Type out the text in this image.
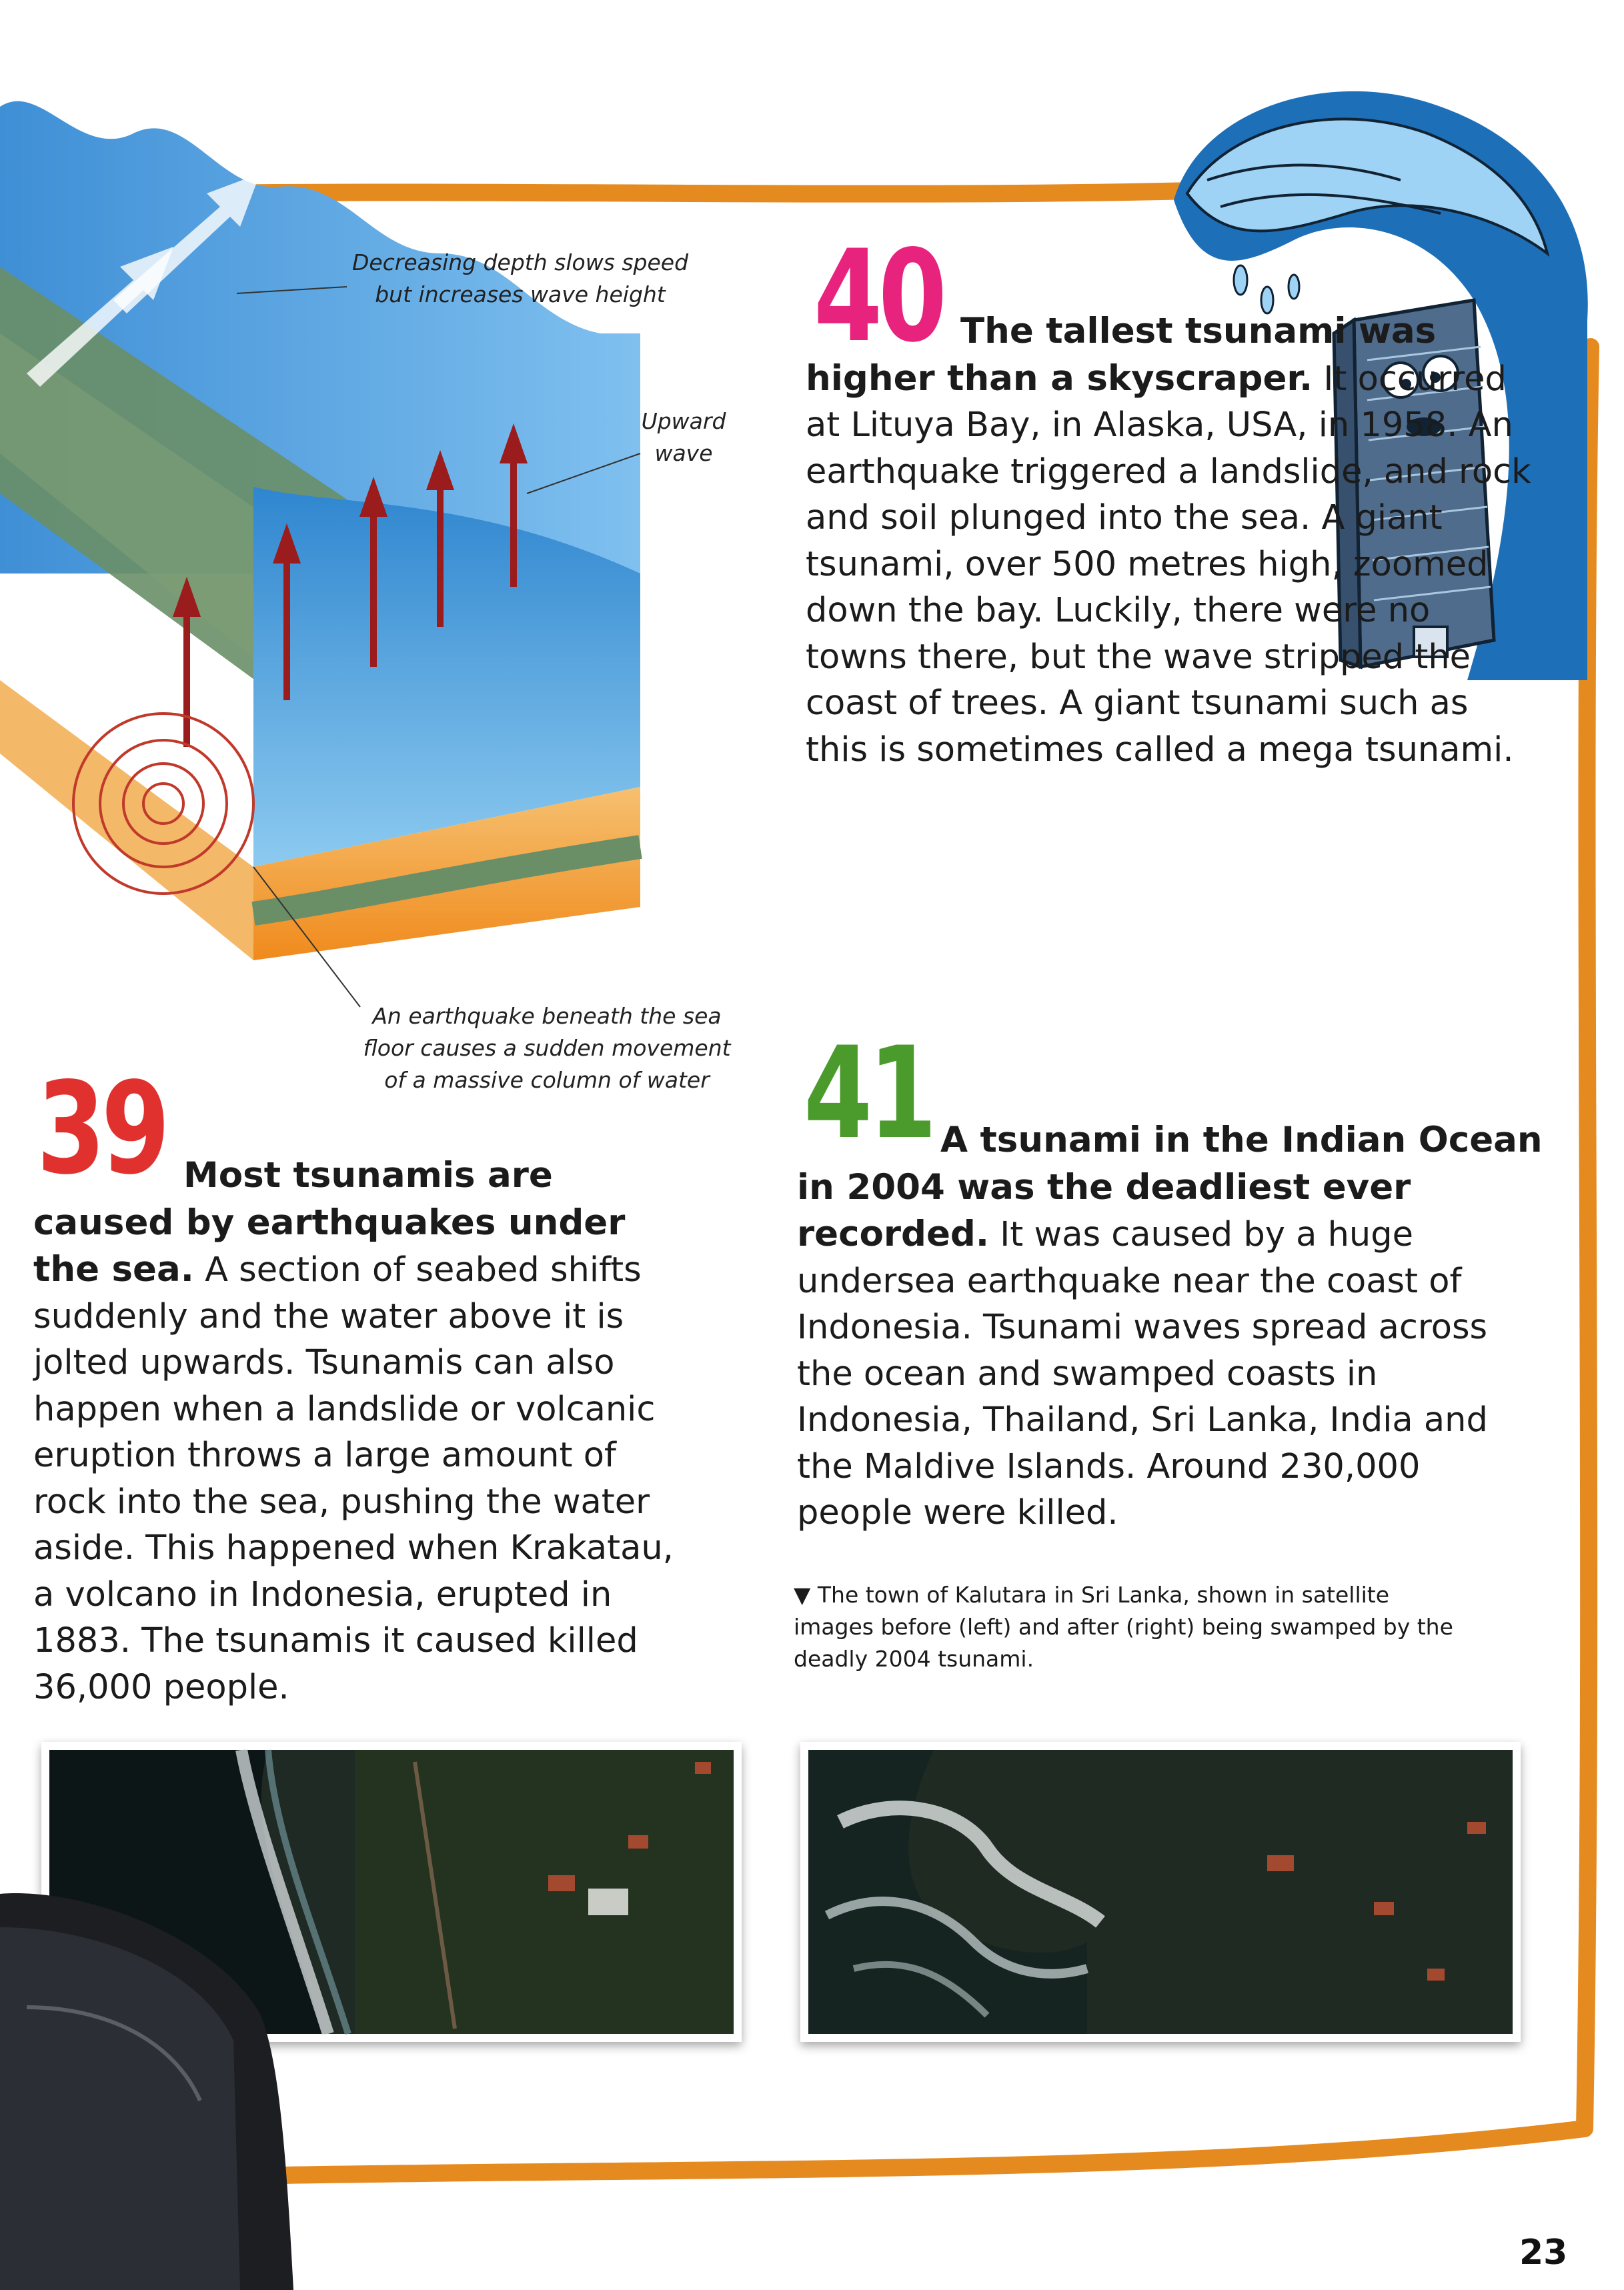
Decreasing depth slows speed but increases wave height
Upward wave
An earthquake beneath the sea floor causes a sudden movement of a massive column of water
40 The tallest tsunami was higher than a skyscraper. It occurred at Lituya Bay, in Alaska, USA, in 1958. An earthquake triggered a landslide, and rock and soil plunged into the sea. A giant tsunami, over 500 metres high, zoomed down the bay. Luckily, there were no towns there, but the wave stripped the coast of trees. A giant tsunami such as this is sometimes called a mega tsunami.
39 Most tsunamis are caused by earthquakes under the sea. A section of seabed shifts suddenly and the water above it is jolted upwards. Tsunamis can also happen when a landslide or volcanic eruption throws a large amount of rock into the sea, pushing the water aside. This happened when Krakatau, a volcano in Indonesia, erupted in 1883. The tsunamis it caused killed 36,000 people.
41 A tsunami in the Indian Ocean in 2004 was the deadliest ever recorded. It was caused by a huge undersea earthquake near the coast of Indonesia. Tsunami waves spread across the ocean and swamped coasts in Indonesia, Thailand, Sri Lanka, India and the Maldive Islands. Around 230,000 people were killed.
▼ The town of Kalutara in Sri Lanka, shown in satellite images before (left) and after (right) being swamped by the deadly 2004 tsunami.
23
